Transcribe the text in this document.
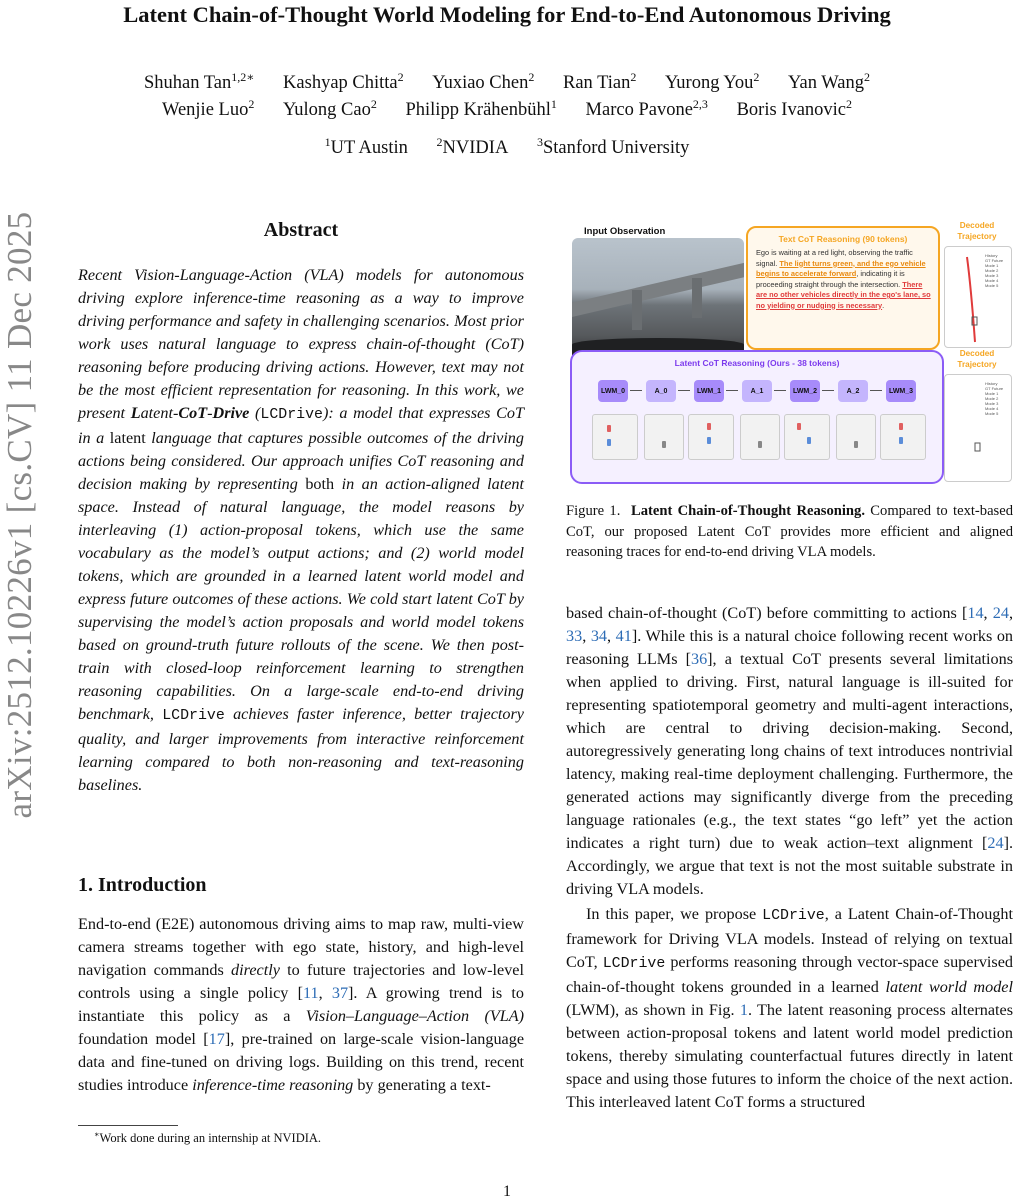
Latent Chain-of-Thought World Modeling for End-to-End Autonomous Driving
Shuhan Tan$^{1,2∗}$ Kashyap Chitta$^2$ Yuxiao Chen$^2$ Ran Tian$^2$ Yurong You$^2$ Yan Wang$^2$
Wenjie Luo$^2$ Yulong Cao$^2$ Philipp Krähenbühl$^1$ Marco Pavone$^{2,3}$ Boris Ivanovic$^2$
$^1$UT Austin $^2$NVIDIA $^3$Stanford University
arXiv:2512.10226v1 [cs.CV] 11 Dec 2025	Abstract
Recent Vision-Language-Action (VLA) models for autonomous driving explore inference-time reasoning as a way to improve driving performance and safety in challenging scenarios. Most prior work uses natural language to express chain-of-thought (CoT) reasoning before producing driving actions. However, text may not be the most efficient representation for reasoning. In this work, we present Latent-CoT-Drive (LCDrive): a model that expresses CoT in a latent language that captures possible outcomes of the driving actions being considered. Our approach unifies CoT reasoning and decision making by representing both in an action-aligned latent space. Instead of natural language, the model reasons by interleaving (1) action-proposal tokens, which use the same vocabulary as the model’s output actions; and (2) world model tokens, which are grounded in a learned latent world model and express future outcomes of these actions. We cold start latent CoT by supervising the model’s action proposals and world model tokens based on ground-truth future rollouts of the scene. We then post-train with closed-loop reinforcement learning to strengthen reasoning capabilities. On a large-scale end-to-end driving benchmark, LCDrive achieves faster inference, better trajectory quality, and larger improvements from interactive reinforcement learning compared to both non-reasoning and text-reasoning baselines.
1. Introduction
End-to-end (E2E) autonomous driving aims to map raw, multi-view camera streams together with ego state, history, and high-level navigation commands directly to future trajectories and low-level controls using a single policy [11, 37]. A growing trend is to instantiate this policy as a Vision–Language–Action (VLA) foundation model [17], pre-trained on large-scale vision-language data and fine-tuned on driving logs. Building on this trend, recent studies introduce inference-time reasoning by generating a text-
∗Work done during an internship at NVIDIA.
Input Observation
Text CoT Reasoning (90 tokens)
Ego is waiting at a red light, observing the traffic signal. The light turns green, and the ego vehicle begins to accelerate forward, indicating it is proceeding straight through the intersection. There are no other vehicles directly in the ego's lane, so no yielding or nudging is necessary.
Decoded Trajectory
History
GT Future
Mode 1
Mode 2
Mode 3
Mode 4
Mode 5
Decoded Trajectory
History
GT Future
Mode 1
Mode 2
Mode 3
Mode 4
Mode 5
Latent CoT Reasoning (Ours - 38 tokens)
LWM_0	A_0	LWM_1	A_1	LWM_2	A_2	LWM_3
Figure 1. Latent Chain-of-Thought Reasoning. Compared to text-based CoT, our proposed Latent CoT provides more efficient and aligned reasoning traces for end-to-end driving VLA models.

based chain-of-thought (CoT) before committing to actions [14, 24, 33, 34, 41]. While this is a natural choice following recent works on reasoning LLMs [36], a textual CoT presents several limitations when applied to driving. First, natural language is ill-suited for representing spatiotemporal geometry and multi-agent interactions, which are central to driving decision-making. Second, autoregressively generating long chains of text introduces nontrivial latency, making real-time deployment challenging. Furthermore, the generated actions may significantly diverge from the preceding language rationales (e.g., the text states “go left” yet the action indicates a right turn) due to weak action–text alignment [24]. Accordingly, we argue that text is not the most suitable substrate in driving VLA models.

In this paper, we propose LCDrive, a Latent Chain-of-Thought framework for Driving VLA models. Instead of relying on textual CoT, LCDrive performs reasoning through vector-space supervised chain-of-thought tokens grounded in a learned latent world model (LWM), as shown in Fig. 1. The latent reasoning process alternates between action-proposal tokens and latent world model prediction tokens, thereby simulating counterfactual futures directly in latent space and using those futures to inform the choice of the next action. This interleaved latent CoT forms a structured

1
